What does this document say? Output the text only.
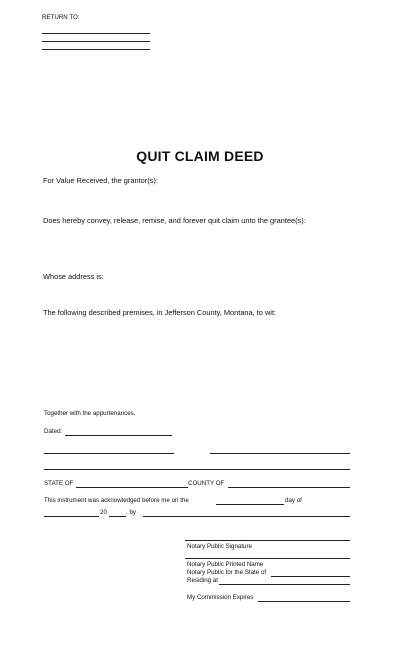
RETURN TO:
QUIT CLAIM DEED
For Value Received, the grantor(s):
Does hereby convey, release, remise, and forever quit claim unto the grantee(s):
Whose address is:
The following described premises, in Jefferson County, Montana, to wit:
Together with the appurtenances.
Dated:
STATE OF	COUNTY OF
This instrument was acknowledged before me on the	day of
20	, by
Notary Public Signature
Notary Public Printed Name
Notary Public for the State of
Residing at
My Commission Expires
